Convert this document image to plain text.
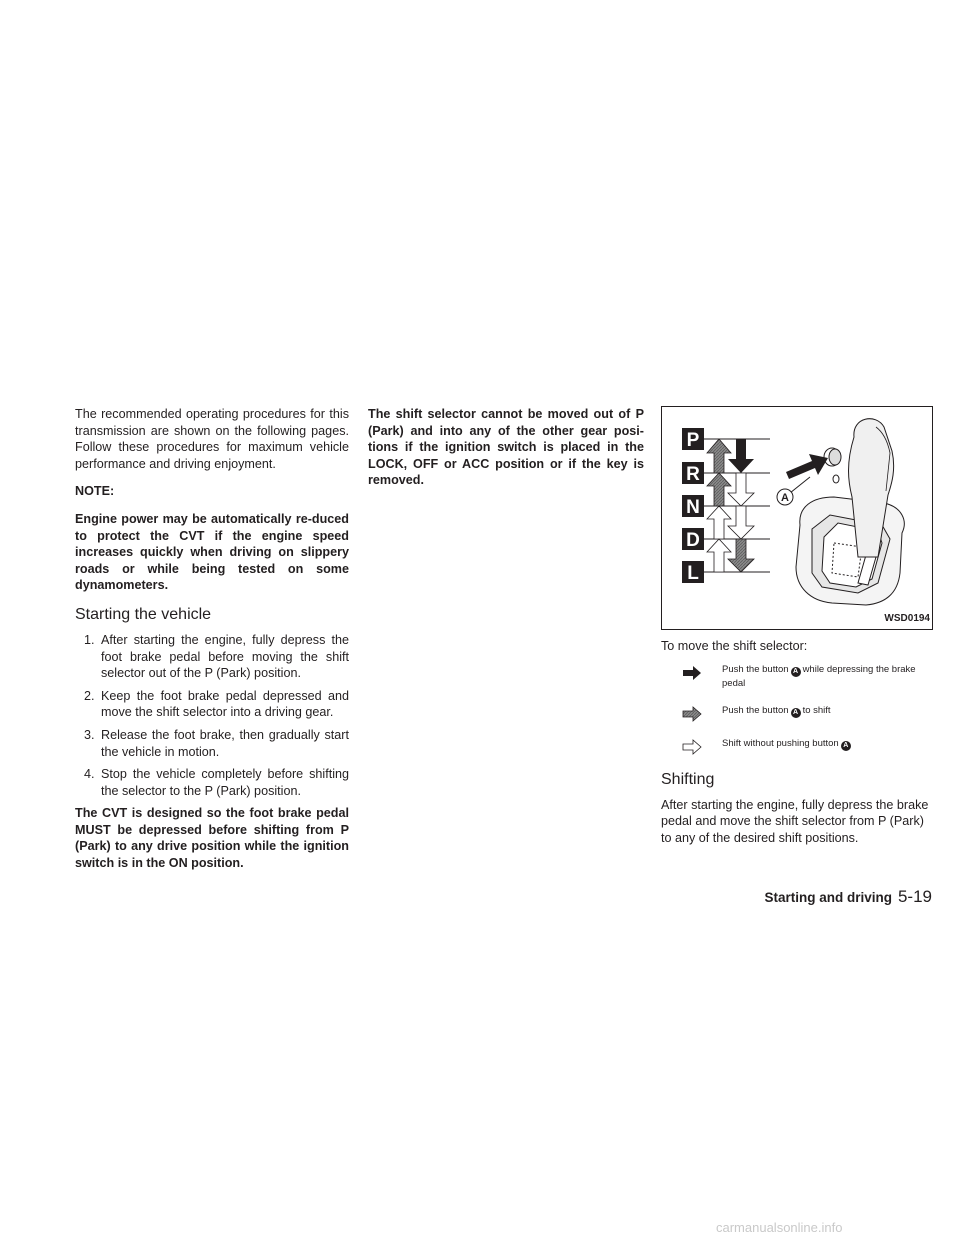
The recommended operating procedures for this transmission are shown on the following pages. Follow these procedures for maximum vehicle performance and driving enjoyment.

NOTE:

Engine power may be automatically re-duced to protect the CVT if the engine speed increases quickly when driving on slippery roads or while being tested on some dynamometers.

Starting the vehicle
1. After starting the engine, fully depress the foot brake pedal before moving the shift selector out of the P (Park) position.
2. Keep the foot brake pedal depressed and move the shift selector into a driving gear.
3. Release the foot brake, then gradually start the vehicle in motion.
4. Stop the vehicle completely before shifting the selector to the P (Park) position.

The CVT is designed so the foot brake pedal MUST be depressed before shifting from P (Park) to any drive position while the ignition switch is in the ON position.

The shift selector cannot be moved out of P (Park) and into any of the other gear posi-tions if the ignition switch is placed in the LOCK, OFF or ACC position or if the key is removed.

P
R
N
D
L
A
WSD0194

To move the shift selector:

Push the button A while depressing the brake pedal
Push the button A to shift
Shift without pushing button A
Shifting

After starting the engine, fully depress the brake pedal and move the shift selector from P (Park) to any of the desired shift positions.

Starting and driving 5-19
carmanualsonline.info
